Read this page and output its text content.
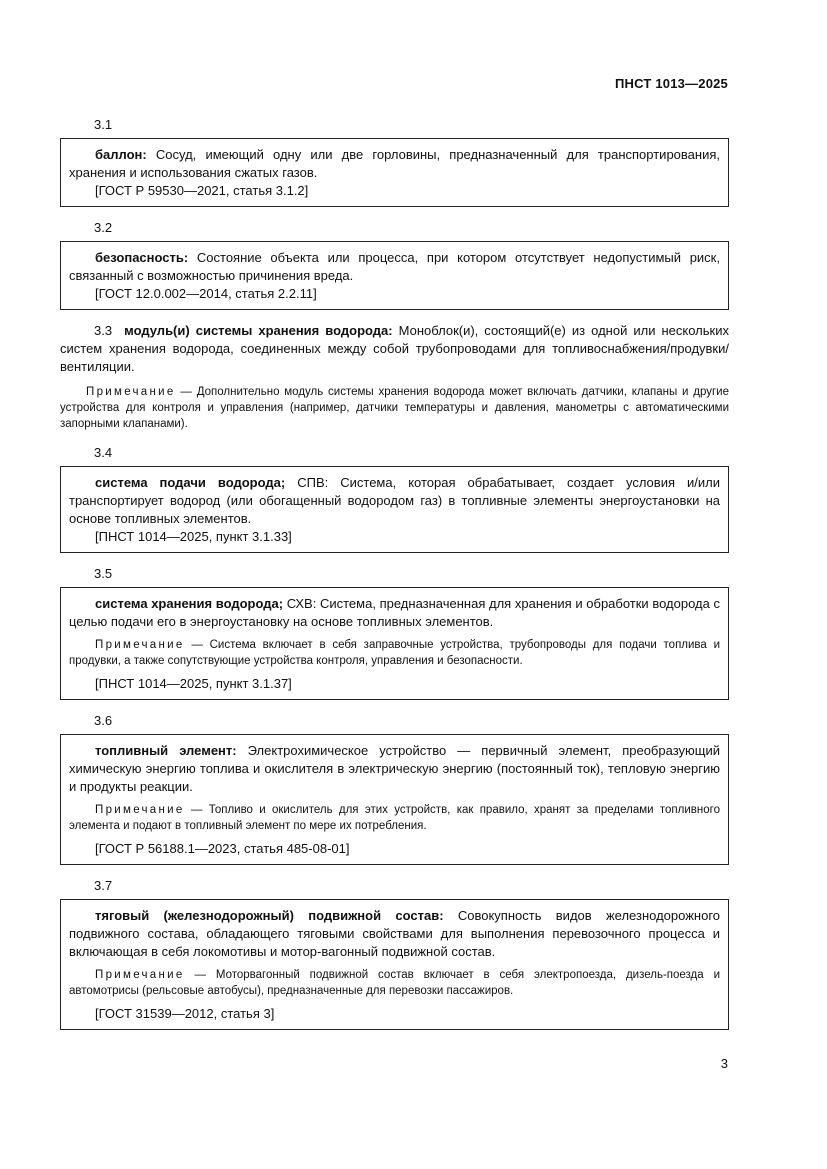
ПНСТ 1013—2025
3.1

баллон: Сосуд, имеющий одну или две горловины, предназначенный для транспортирования, хранения и использования сжатых газов.

[ГОСТ Р 59530—2021, статья 3.1.2]

3.2

безопасность: Состояние объекта или процесса, при котором отсутствует недопустимый риск, связанный с возможностью причинения вреда.

[ГОСТ 12.0.002—2014, статья 2.2.11]

3.3 модуль(и) системы хранения водорода: Моноблок(и), состоящий(е) из одной или нескольких систем хранения водорода, соединенных между собой трубопроводами для топливоснабжения/продувки/вентиляции.

Примечание — Дополнительно модуль системы хранения водорода может включать датчики, клапаны и другие устройства для контроля и управления (например, датчики температуры и давления, манометры с автоматическими запорными клапанами).

3.4

система подачи водорода; СПВ: Система, которая обрабатывает, создает условия и/или транспортирует водород (или обогащенный водородом газ) в топливные элементы энергоустановки на основе топливных элементов.

[ПНСТ 1014—2025, пункт 3.1.33]

3.5

система хранения водорода; СХВ: Система, предназначенная для хранения и обработки водорода с целью подачи его в энергоустановку на основе топливных элементов.

Примечание — Система включает в себя заправочные устройства, трубопроводы для подачи топлива и продувки, а также сопутствующие устройства контроля, управления и безопасности.

[ПНСТ 1014—2025, пункт 3.1.37]

3.6

топливный элемент: Электрохимическое устройство — первичный элемент, преобразующий химическую энергию топлива и окислителя в электрическую энергию (постоянный ток), тепловую энергию и продукты реакции.

Примечание — Топливо и окислитель для этих устройств, как правило, хранят за пределами топливного элемента и подают в топливный элемент по мере их потребления.

[ГОСТ Р 56188.1—2023, статья 485-08-01]

3.7

тяговый (железнодорожный) подвижной состав: Совокупность видов железнодорожного подвижного состава, обладающего тяговыми свойствами для выполнения перевозочного процесса и включающая в себя локомотивы и мотор-вагонный подвижной состав.

Примечание — Моторвагонный подвижной состав включает в себя электропоезда, дизель-поезда и автомотрисы (рельсовые автобусы), предназначенные для перевозки пассажиров.

[ГОСТ 31539—2012, статья 3]

3
